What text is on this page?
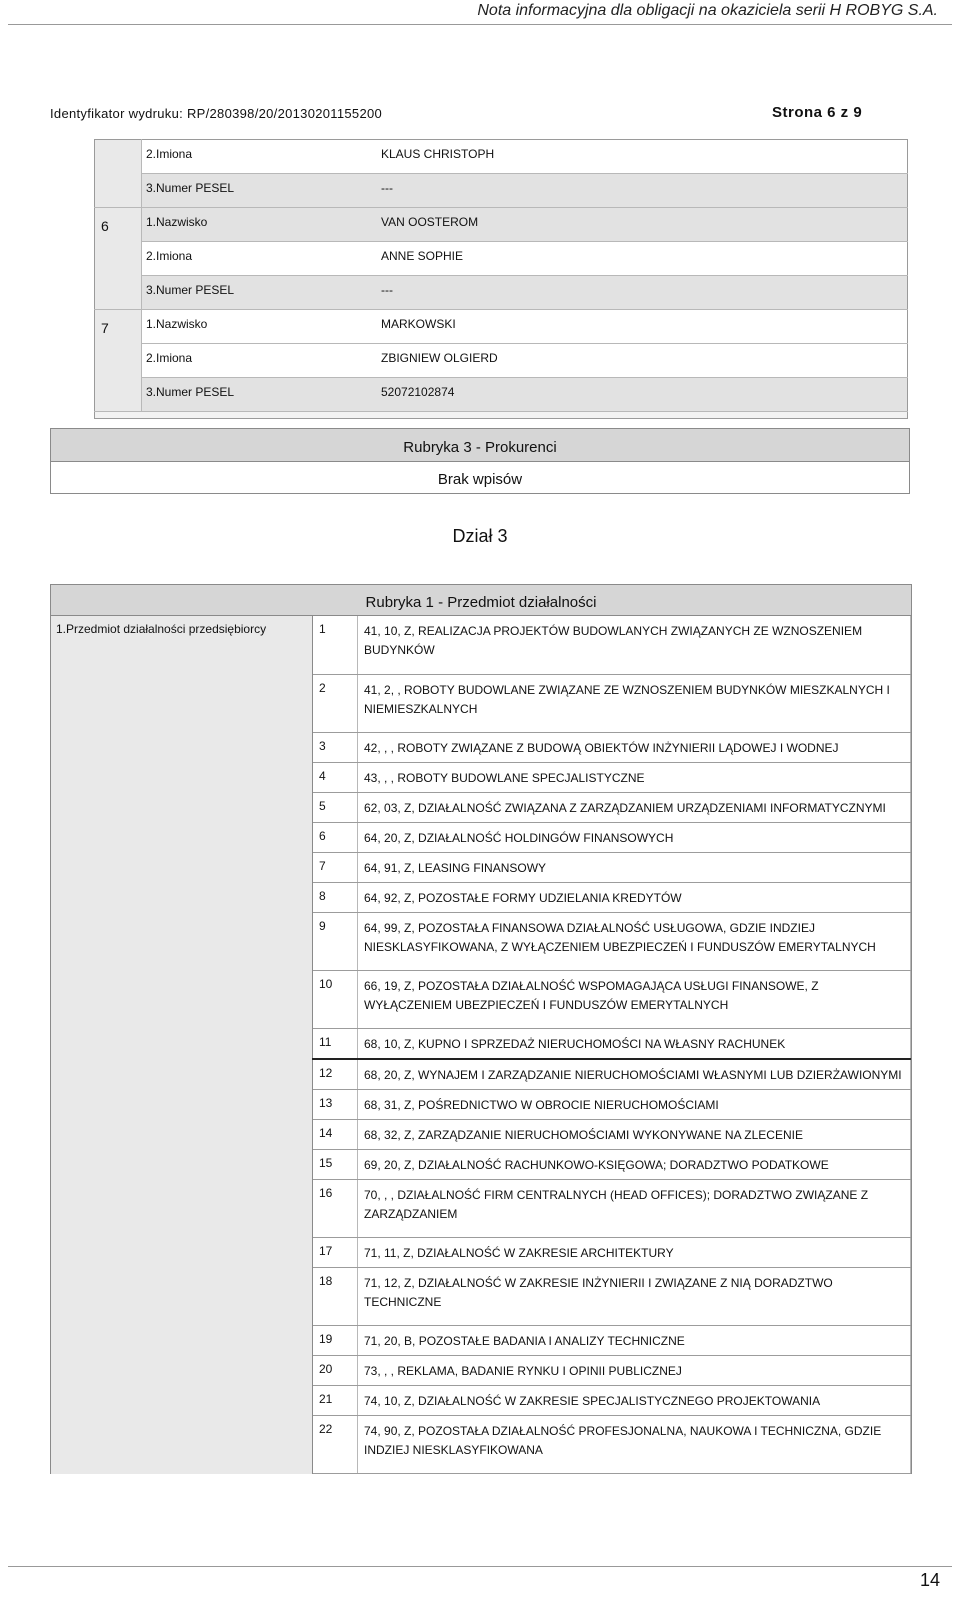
Nota informacyjna dla obligacji na okaziciela serii H ROBYG S.A.
Identyfikator wydruku: RP/280398/20/20130201155200	Strona 6 z 9
	2.Imiona	KLAUS CHRISTOPH
	3.Numer PESEL	---
6	1.Nazwisko	VAN OOSTEROM
	2.Imiona	ANNE SOPHIE
	3.Numer PESEL	---
7	1.Nazwisko	MARKOWSKI
	2.Imiona	ZBIGNIEW OLGIERD
	3.Numer PESEL	52072102874

Rubryka 3 - Prokurenci
Brak wpisów
Dział 3
Rubryka 1 - Przedmiot działalności
1.Przedmiot działalności przedsiębiorcy	1	41, 10, Z, REALIZACJA PROJEKTÓW BUDOWLANYCH ZWIĄZANYCH ZE WZNOSZENIEM BUDYNKÓW
	2	41, 2, , ROBOTY BUDOWLANE ZWIĄZANE ZE WZNOSZENIEM BUDYNKÓW MIESZKALNYCH I NIEMIESZKALNYCH
	3	42, , , ROBOTY ZWIĄZANE Z BUDOWĄ OBIEKTÓW INŻYNIERII LĄDOWEJ I WODNEJ
	4	43, , , ROBOTY BUDOWLANE SPECJALISTYCZNE
	5	62, 03, Z, DZIAŁALNOŚĆ ZWIĄZANA Z ZARZĄDZANIEM URZĄDZENIAMI INFORMATYCZNYMI
	6	64, 20, Z, DZIAŁALNOŚĆ HOLDINGÓW FINANSOWYCH
	7	64, 91, Z, LEASING FINANSOWY
	8	64, 92, Z, POZOSTAŁE FORMY UDZIELANIA KREDYTÓW
	9	64, 99, Z, POZOSTAŁA FINANSOWA DZIAŁALNOŚĆ USŁUGOWA, GDZIE INDZIEJ NIESKLASYFIKOWANA, Z WYŁĄCZENIEM UBEZPIECZEŃ I FUNDUSZÓW EMERYTALNYCH
	10	66, 19, Z, POZOSTAŁA DZIAŁALNOŚĆ WSPOMAGAJĄCA USŁUGI FINANSOWE, Z WYŁĄCZENIEM UBEZPIECZEŃ I FUNDUSZÓW EMERYTALNYCH
	11	68, 10, Z, KUPNO I SPRZEDAŻ NIERUCHOMOŚCI NA WŁASNY RACHUNEK
	12	68, 20, Z, WYNAJEM I ZARZĄDZANIE NIERUCHOMOŚCIAMI WŁASNYMI LUB DZIERŻAWIONYMI
	13	68, 31, Z, POŚREDNICTWO W OBROCIE NIERUCHOMOŚCIAMI
	14	68, 32, Z, ZARZĄDZANIE NIERUCHOMOŚCIAMI WYKONYWANE NA ZLECENIE
	15	69, 20, Z, DZIAŁALNOŚĆ RACHUNKOWO-KSIĘGOWA; DORADZTWO PODATKOWE
	16	70, , , DZIAŁALNOŚĆ FIRM CENTRALNYCH (HEAD OFFICES); DORADZTWO ZWIĄZANE Z ZARZĄDZANIEM
	17	71, 11, Z, DZIAŁALNOŚĆ W ZAKRESIE ARCHITEKTURY
	18	71, 12, Z, DZIAŁALNOŚĆ W ZAKRESIE INŻYNIERII I ZWIĄZANE Z NIĄ DORADZTWO TECHNICZNE
	19	71, 20, B, POZOSTAŁE BADANIA I ANALIZY TECHNICZNE
	20	73, , , REKLAMA, BADANIE RYNKU I OPINII PUBLICZNEJ
	21	74, 10, Z, DZIAŁALNOŚĆ W ZAKRESIE SPECJALISTYCZNEGO PROJEKTOWANIA
	22	74, 90, Z, POZOSTAŁA DZIAŁALNOŚĆ PROFESJONALNA, NAUKOWA I TECHNICZNA, GDZIE INDZIEJ NIESKLASYFIKOWANA

14
